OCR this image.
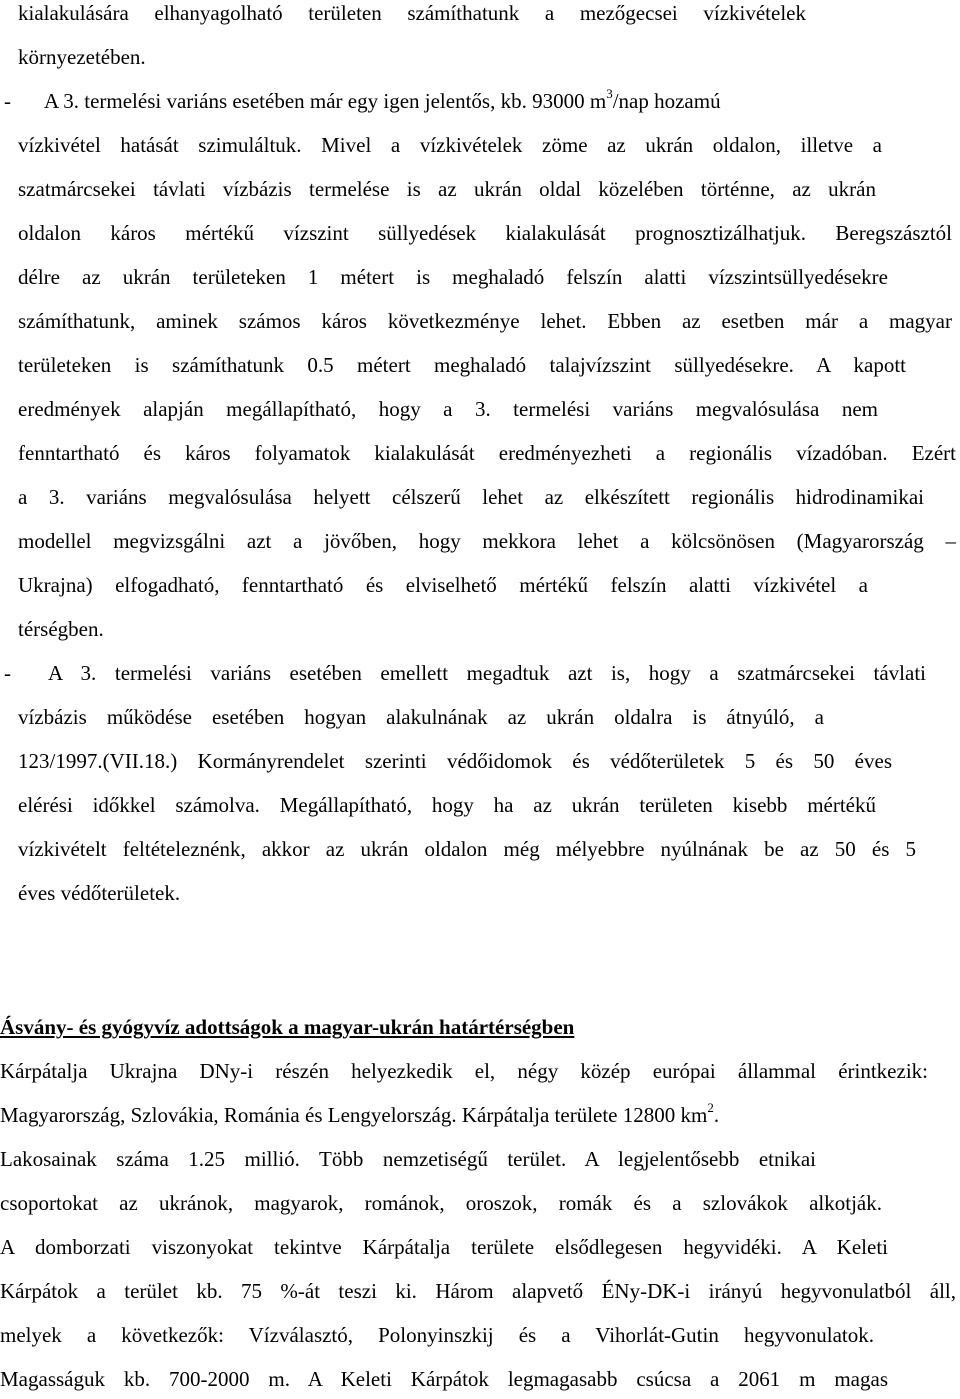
kialakulására elhanyagolható területen számíthatunk a mezőgecsei vízkivételek
környezetében.
- A 3. termelési variáns esetében már egy igen jelentős, kb. 93000 $m^3$/nap hozamú
vízkivétel hatását szimuláltuk. Mivel a vízkivételek zöme az ukrán oldalon, illetve a
szatmárcsekei távlati vízbázis termelése is az ukrán oldal közelében történne, az ukrán
oldalon káros mértékű vízszint süllyedések kialakulását prognosztizálhatjuk. Beregszásztól
délre az ukrán területeken 1 métert is meghaladó felszín alatti vízszintsüllyedésekre
számíthatunk, aminek számos káros következménye lehet. Ebben az esetben már a magyar
területeken is számíthatunk 0.5 métert meghaladó talajvízszint süllyedésekre. A kapott
eredmények alapján megállapítható, hogy a 3. termelési variáns megvalósulása nem
fenntartható és káros folyamatok kialakulását eredményezheti a regionális vízadóban. Ezért
a 3. variáns megvalósulása helyett célszerű lehet az elkészített regionális hidrodinamikai
modellel megvizsgálni azt a jövőben, hogy mekkora lehet a kölcsönösen (Magyarország –
Ukrajna) elfogadható, fenntartható és elviselhető mértékű felszín alatti vízkivétel a
térségben.
- A 3. termelési variáns esetében emellett megadtuk azt is, hogy a szatmárcsekei távlati
vízbázis működése esetében hogyan alakulnának az ukrán oldalra is átnyúló, a
123/1997.(VII.18.) Kormányrendelet szerinti védőidomok és védőterületek 5 és 50 éves
elérési időkkel számolva. Megállapítható, hogy ha az ukrán területen kisebb mértékű
vízkivételt feltételeznénk, akkor az ukrán oldalon még mélyebbre nyúlnának be az 50 és 5
éves védőterületek.
Ásvány- és gyógyvíz adottságok a magyar-ukrán határtérségben
Kárpátalja Ukrajna DNy-i részén helyezkedik el, négy közép európai állammal érintkezik:
Magyarország, Szlovákia, Románia és Lengyelország. Kárpátalja területe 12800 $km^2$.
Lakosainak száma 1.25 millió. Több nemzetiségű terület. A legjelentősebb etnikai
csoportokat az ukránok, magyarok, románok, oroszok, romák és a szlovákok alkotják.
A domborzati viszonyokat tekintve Kárpátalja területe elsődlegesen hegyvidéki. A Keleti
Kárpátok a terület kb. 75 %-át teszi ki. Három alapvető ÉNy-DK-i irányú hegyvonulatból áll,
melyek a következők: Vízválasztó, Polonyinszkij és a Vihorlát-Gutin hegyvonulatok.
Magasságuk kb. 700-2000 m. A Keleti Kárpátok legmagasabb csúcsa a 2061 m magas
